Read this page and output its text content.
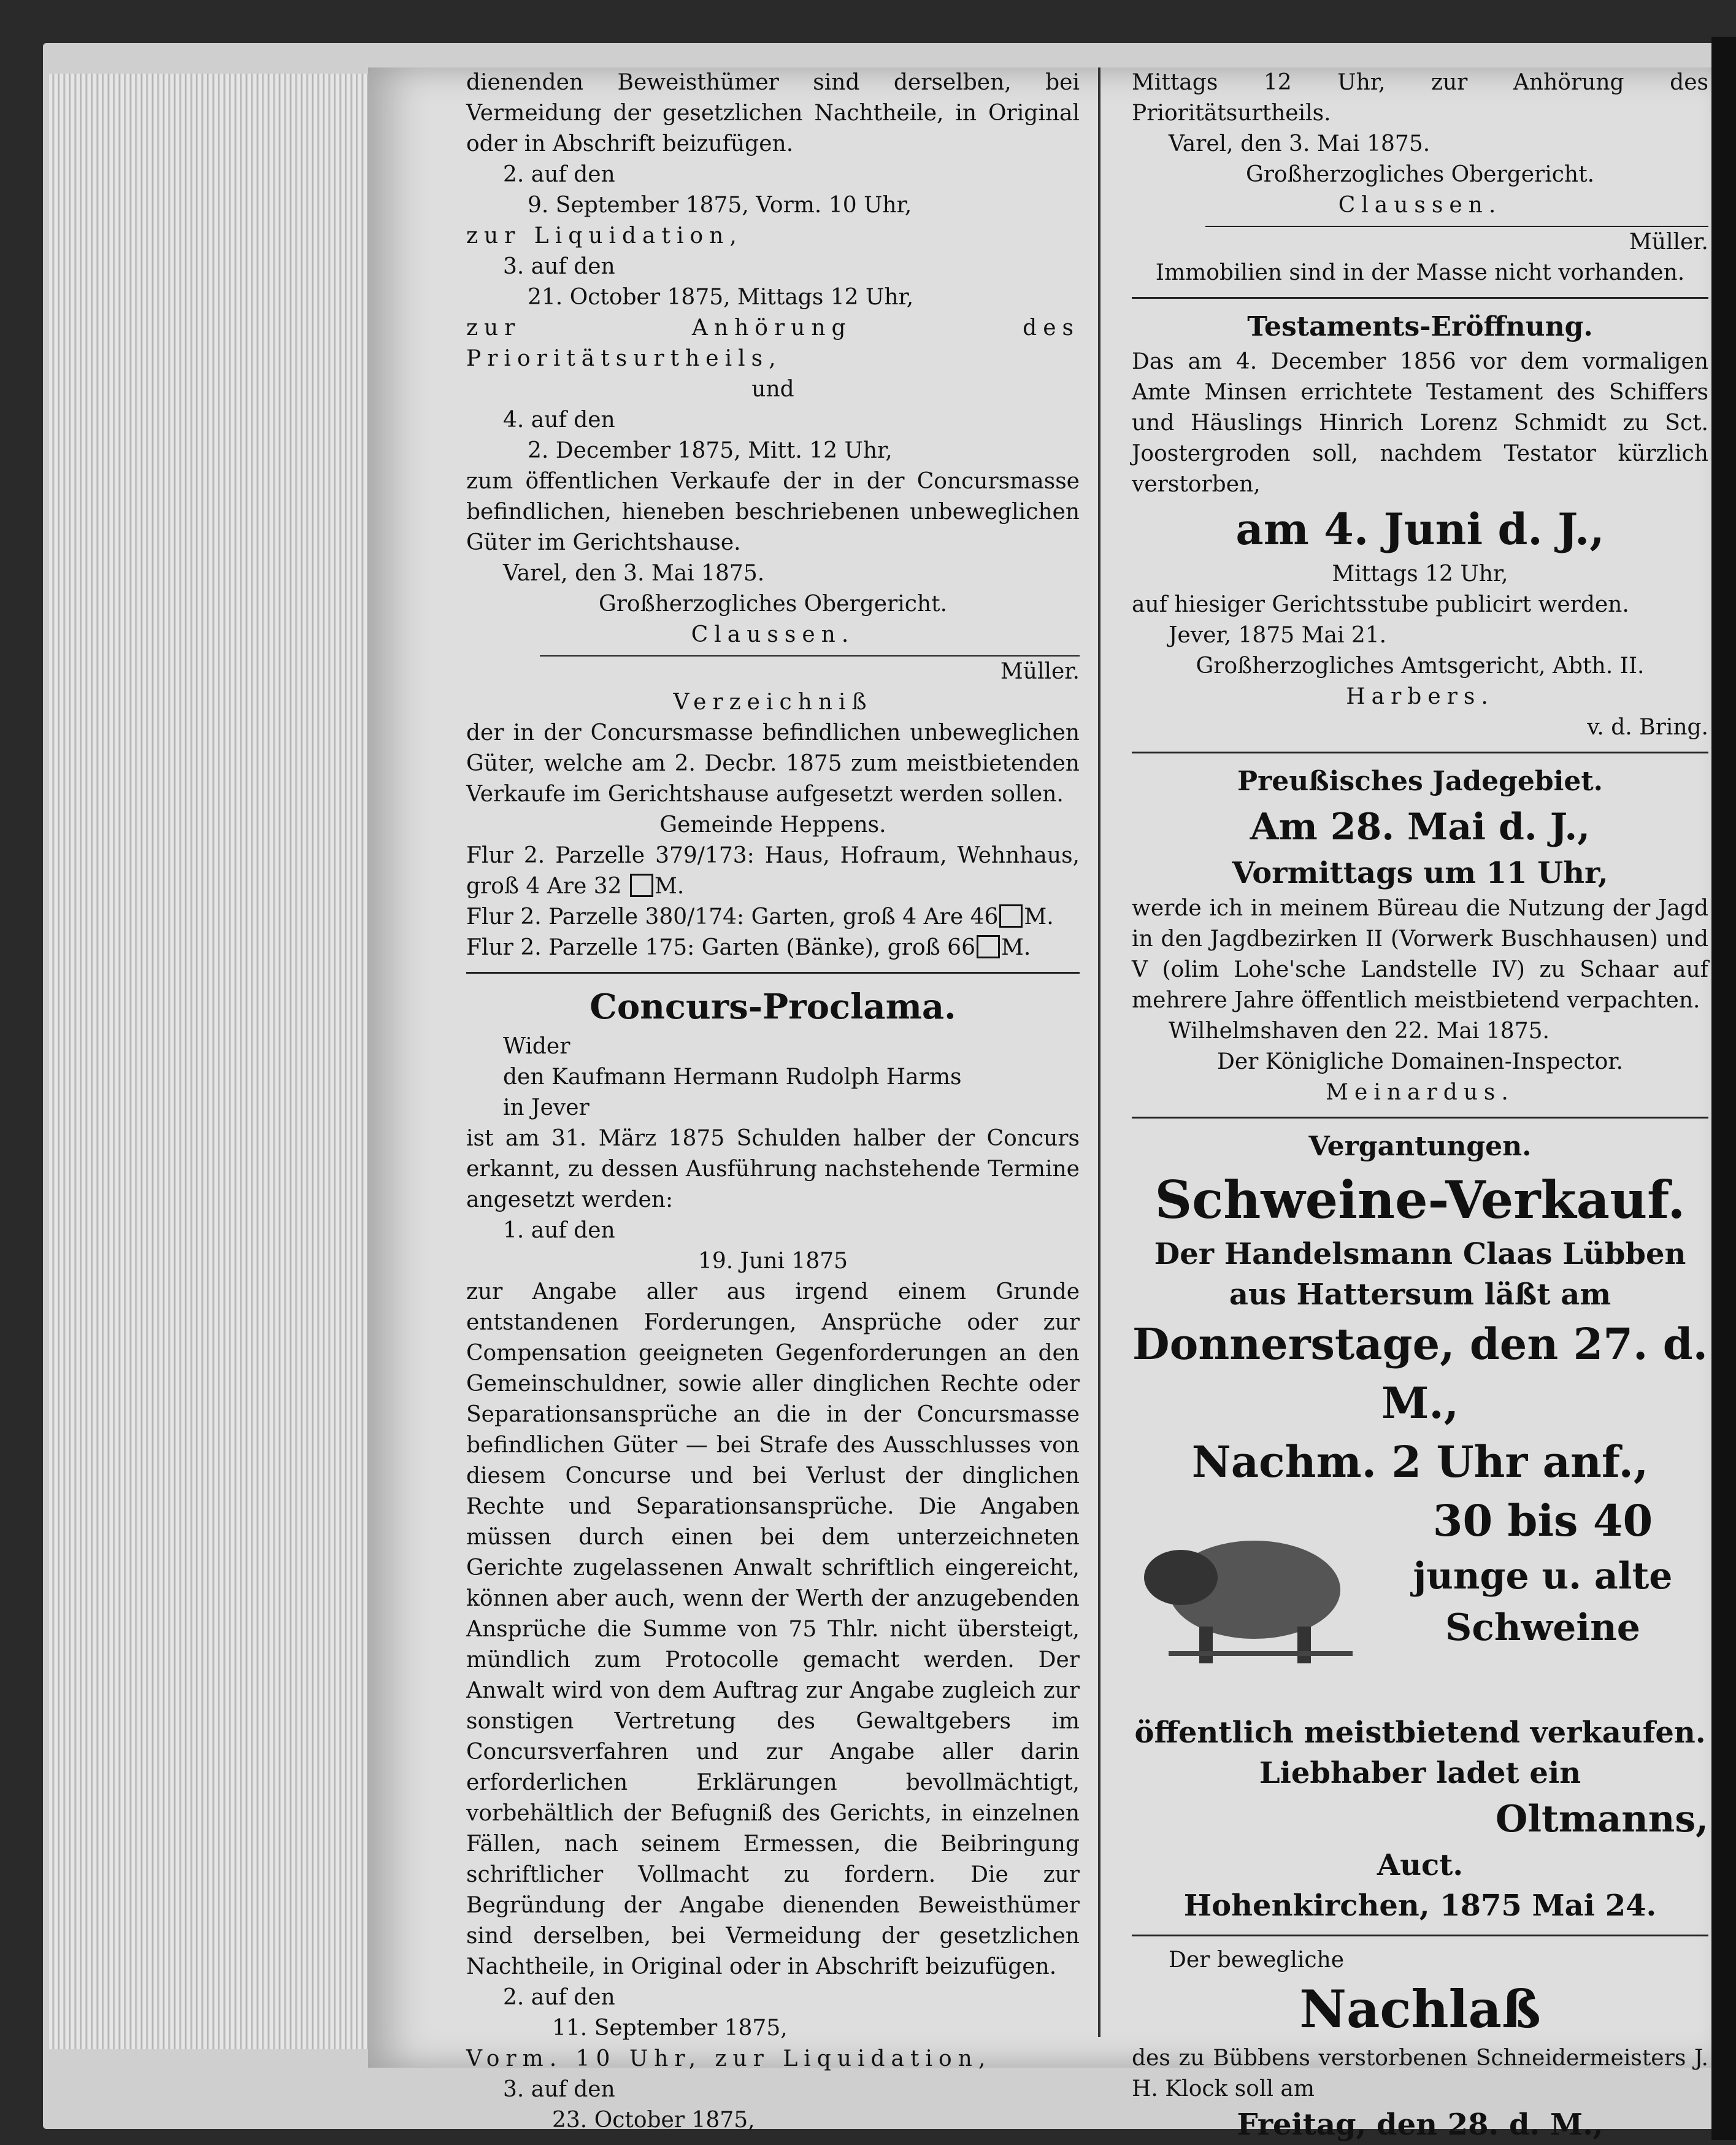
dienenden Beweisthümer sind derselben, bei Vermeidung der gesetzlichen Nachtheile, in Original oder in Abschrift beizufügen.

2. auf den

9. September 1875, Vorm. 10 Uhr,

zur Liquidation,

3. auf den

21. October 1875, Mittags 12 Uhr,

zur Anhörung des Prioritätsurtheils,

und

4. auf den

2. December 1875, Mitt. 12 Uhr,

zum öffentlichen Verkaufe der in der Concursmasse befindlichen, hieneben beschriebenen unbeweglichen Güter im Gerichtshause.

Varel, den 3. Mai 1875.

Großherzogliches Obergericht.

Claussen.

Müller.

Verzeichniß

der in der Concursmasse befindlichen unbeweglichen Güter, welche am 2. Decbr. 1875 zum meistbietenden Verkaufe im Gerichtshause aufgesetzt werden sollen.

Gemeinde Heppens.

Flur 2. Parzelle 379/173: Haus, Hofraum, Wehnhaus, groß 4 Are 32 M.

Flur 2. Parzelle 380/174: Garten, groß 4 Are 46 M.

Flur 2. Parzelle 175: Garten (Bänke), groß 66 M.

Concurs-Proclama.

Wider

den Kaufmann Hermann Rudolph Harms

in Jever

ist am 31. März 1875 Schulden halber der Concurs erkannt, zu dessen Ausführung nachstehende Termine angesetzt werden:

1. auf den

19. Juni 1875

zur Angabe aller aus irgend einem Grunde entstandenen Forderungen, Ansprüche oder zur Compensation geeigneten Gegenforderungen an den Gemeinschuldner, sowie aller dinglichen Rechte oder Separationsansprüche an die in der Concursmasse befindlichen Güter — bei Strafe des Ausschlusses von diesem Concurse und bei Verlust der dinglichen Rechte und Separationsansprüche. Die Angaben müssen durch einen bei dem unterzeichneten Gerichte zugelassenen Anwalt schriftlich eingereicht, können aber auch, wenn der Werth der anzugebenden Ansprüche die Summe von 75 Thlr. nicht übersteigt, mündlich zum Protocolle gemacht werden. Der Anwalt wird von dem Auftrag zur Angabe zugleich zur sonstigen Vertretung des Gewaltgebers im Concursverfahren und zur Angabe aller darin erforderlichen Erklärungen bevollmächtigt, vorbehältlich der Befugniß des Gerichts, in einzelnen Fällen, nach seinem Ermessen, die Beibringung schriftlicher Vollmacht zu fordern. Die zur Begründung der Angabe dienenden Beweisthümer sind derselben, bei Vermeidung der gesetzlichen Nachtheile, in Original oder in Abschrift beizufügen.

2. auf den

11. September 1875,

Vorm. 10 Uhr, zur Liquidation,

3. auf den

23. October 1875,

Mittags 12 Uhr, zur Anhörung des Prioritätsurtheils.

Varel, den 3. Mai 1875.

Großherzogliches Obergericht.

Claussen.

Müller.

Immobilien sind in der Masse nicht vorhanden.

Testaments-Eröffnung.

Das am 4. December 1856 vor dem vormaligen Amte Minsen errichtete Testament des Schiffers und Häuslings Hinrich Lorenz Schmidt zu Sct. Joostergroden soll, nachdem Testator kürzlich verstorben,

am 4. Juni d. J.,

Mittags 12 Uhr,

auf hiesiger Gerichtsstube publicirt werden.

Jever, 1875 Mai 21.

Großherzogliches Amtsgericht, Abth. II.

Harbers.

v. d. Bring.

Preußisches Jadegebiet.

Am 28. Mai d. J.,

Vormittags um 11 Uhr,

werde ich in meinem Büreau die Nutzung der Jagd in den Jagdbezirken II (Vorwerk Buschhausen) und V (olim Lohe'sche Landstelle IV) zu Schaar auf mehrere Jahre öffentlich meistbietend verpachten.

Wilhelmshaven den 22. Mai 1875.

Der Königliche Domainen-Inspector.

Meinardus.

Vergantungen.

Schweine-Verkauf.

Der Handelsmann Claas Lübben

aus Hattersum läßt am

Donnerstage, den 27. d. M.,

Nachm. 2 Uhr anf.,

30 bis 40

junge u. alte

Schweine

öffentlich meistbietend verkaufen.

Liebhaber ladet ein

Oltmanns,

Auct.

Hohenkirchen, 1875 Mai 24.

Der bewegliche

Nachlaß

des zu Bübbens verstorbenen Schneidermeisters J. H. Klock soll am

Freitag, den 28. d. M.,
